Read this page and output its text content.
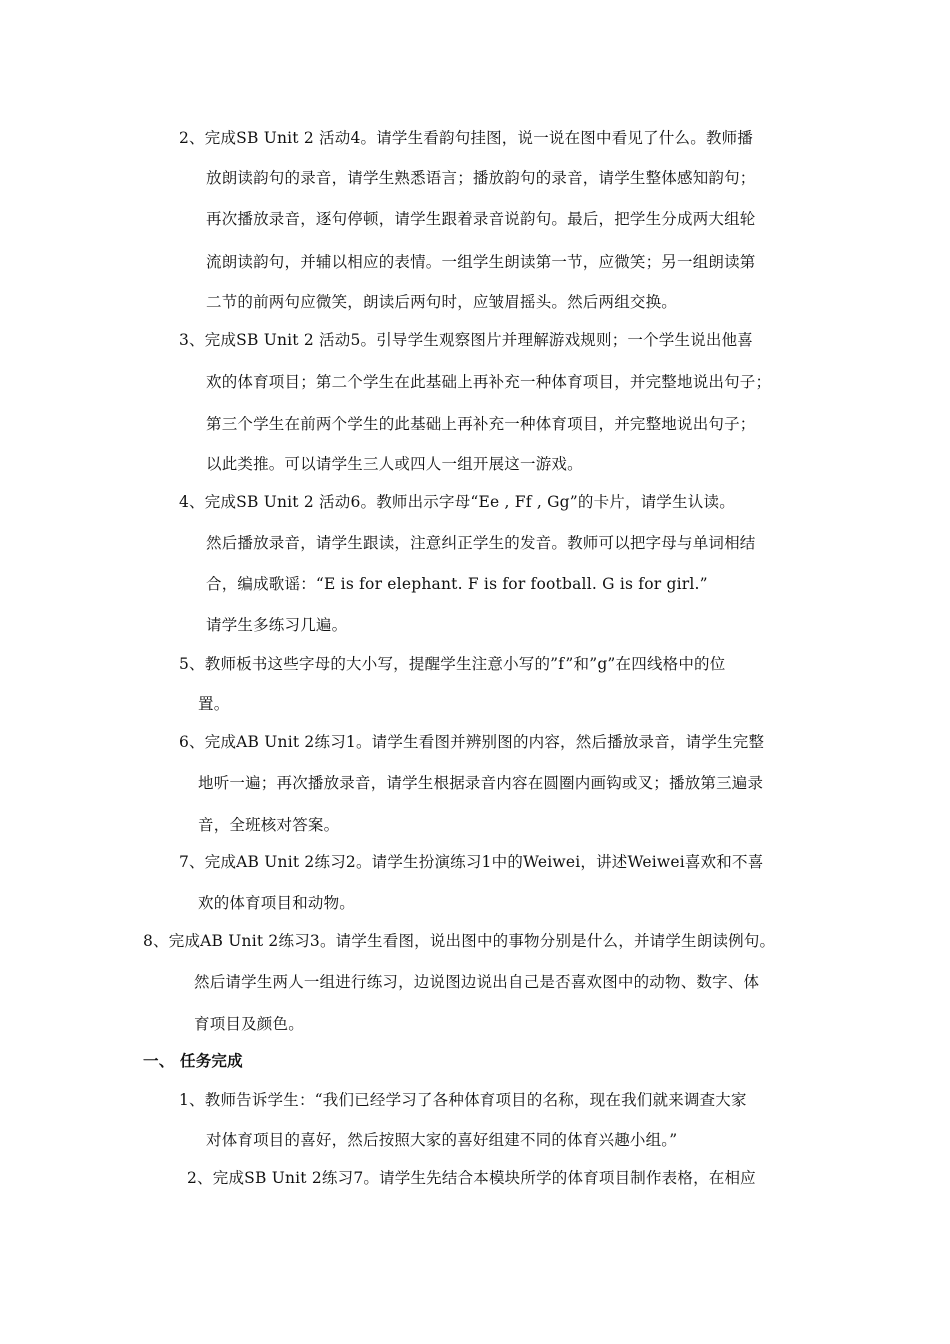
2、完成SB Unit 2 活动4。请学生看韵句挂图，说一说在图中看见了什么。教师播
放朗读韵句的录音，请学生熟悉语言；播放韵句的录音，请学生整体感知韵句；
再次播放录音，逐句停顿，请学生跟着录音说韵句。最后，把学生分成两大组轮
流朗读韵句，并辅以相应的表情。一组学生朗读第一节，应微笑；另一组朗读第
二节的前两句应微笑，朗读后两句时，应皱眉摇头。然后两组交换。
3、完成SB Unit 2 活动5。引导学生观察图片并理解游戏规则；一个学生说出他喜
欢的体育项目；第二个学生在此基础上再补充一种体育项目，并完整地说出句子；
第三个学生在前两个学生的此基础上再补充一种体育项目，并完整地说出句子；
以此类推。可以请学生三人或四人一组开展这一游戏。
4、完成SB Unit 2 活动6。教师出示字母“Ee , Ff , Gg”的卡片，请学生认读。
然后播放录音，请学生跟读，注意纠正学生的发音。教师可以把字母与单词相结
合，编成歌谣：“E is for elephant. F is for football. G is for girl.”
请学生多练习几遍。
5、教师板书这些字母的大小写，提醒学生注意小写的”f”和”g”在四线格中的位
置。
6、完成AB Unit 2练习1。请学生看图并辨别图的内容，然后播放录音，请学生完整
地听一遍；再次播放录音，请学生根据录音内容在圆圈内画钩或叉；播放第三遍录
音，全班核对答案。
7、完成AB Unit 2练习2。请学生扮演练习1中的Weiwei，讲述Weiwei喜欢和不喜
欢的体育项目和动物。
8、完成AB Unit 2练习3。请学生看图，说出图中的事物分别是什么，并请学生朗读例句。
然后请学生两人一组进行练习，边说图边说出自己是否喜欢图中的动物、数字、体
育项目及颜色。
一、 任务完成
1、教师告诉学生：“我们已经学习了各种体育项目的名称，现在我们就来调查大家
对体育项目的喜好，然后按照大家的喜好组建不同的体育兴趣小组。”
2、完成SB Unit 2练习7。请学生先结合本模块所学的体育项目制作表格，在相应
